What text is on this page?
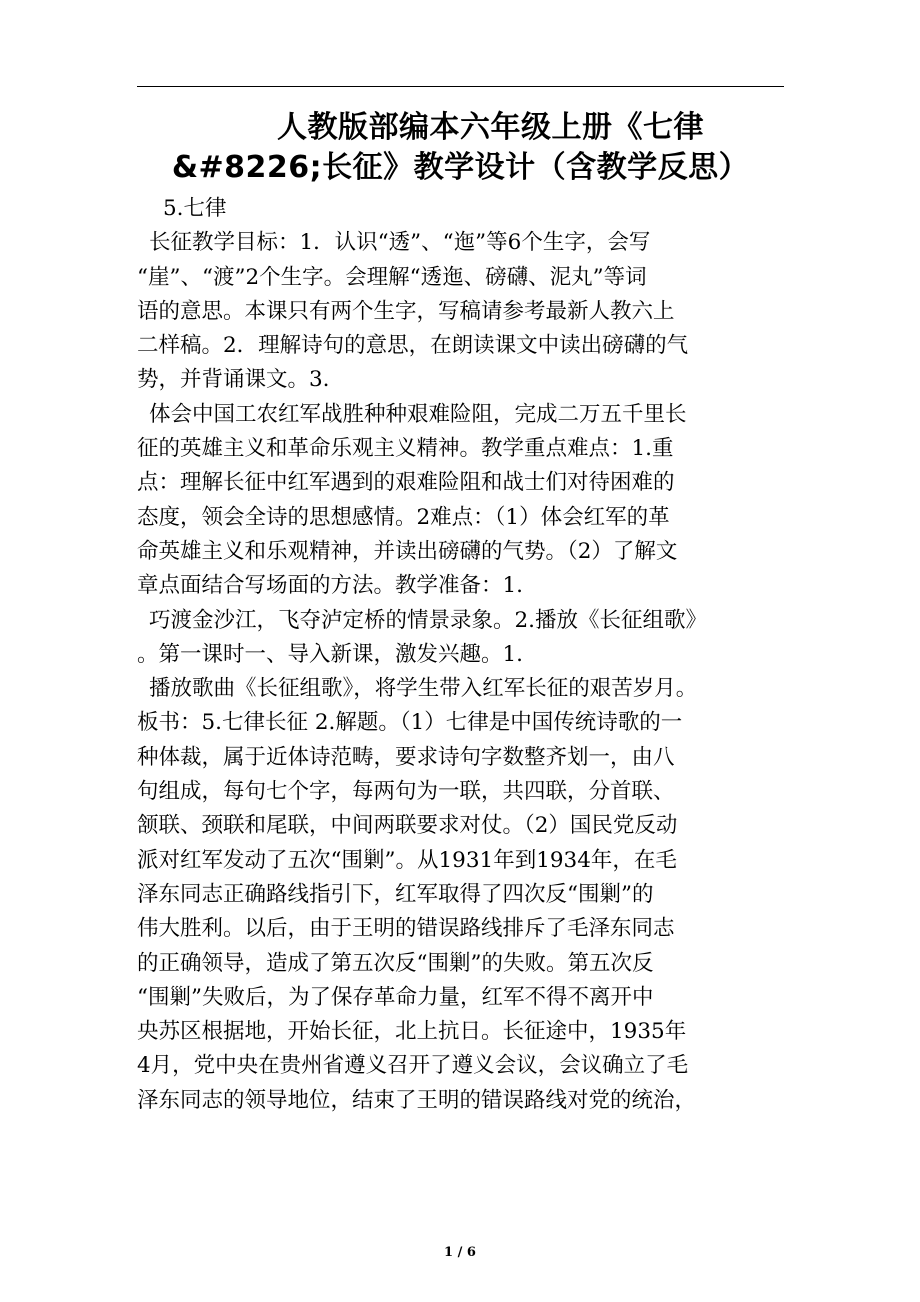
人教版部编本六年级上册《七律
&#8226;长征》教学设计（含教学反思）

5.七律

长征教学目标：1．认识“透”、“迤”等6个生字，会写

“崖”、“渡”2个生字。会理解“透迤、磅礴、泥丸”等词

语的意思。本课只有两个生字，写稿请参考最新人教六上

二样稿。2．理解诗句的意思，在朗读课文中读出磅礴的气

势，并背诵课文。3.

体会中国工农红军战胜种种艰难险阻，完成二万五千里长

征的英雄主义和革命乐观主义精神。教学重点难点：1.重

点：理解长征中红军遇到的艰难险阻和战士们对待困难的

态度，领会全诗的思想感情。2难点：（1）体会红军的革

命英雄主义和乐观精神，并读出磅礴的气势。（2）了解文

章点面结合写场面的方法。教学准备：1.

巧渡金沙江，飞夺泸定桥的情景录象。2.播放《长征组歌》

。第一课时一、导入新课，激发兴趣。1.

播放歌曲《长征组歌》，将学生带入红军长征的艰苦岁月。

板书：5.七律长征 2.解题。（1）七律是中国传统诗歌的一

种体裁，属于近体诗范畴，要求诗句字数整齐划一，由八

句组成，每句七个字，每两句为一联，共四联，分首联、

颔联、颈联和尾联，中间两联要求对仗。（2）国民党反动

派对红军发动了五次“围剿”。从1931年到1934年，在毛

泽东同志正确路线指引下，红军取得了四次反“围剿”的

伟大胜利。以后，由于王明的错误路线排斥了毛泽东同志

的正确领导，造成了第五次反“围剿”的失败。第五次反

“围剿”失败后，为了保存革命力量，红军不得不离开中

央苏区根据地，开始长征，北上抗日。长征途中，1935年

4月，党中央在贵州省遵义召开了遵义会议，会议确立了毛

泽东同志的领导地位，结束了王明的错误路线对党的统治，

1 / 6
